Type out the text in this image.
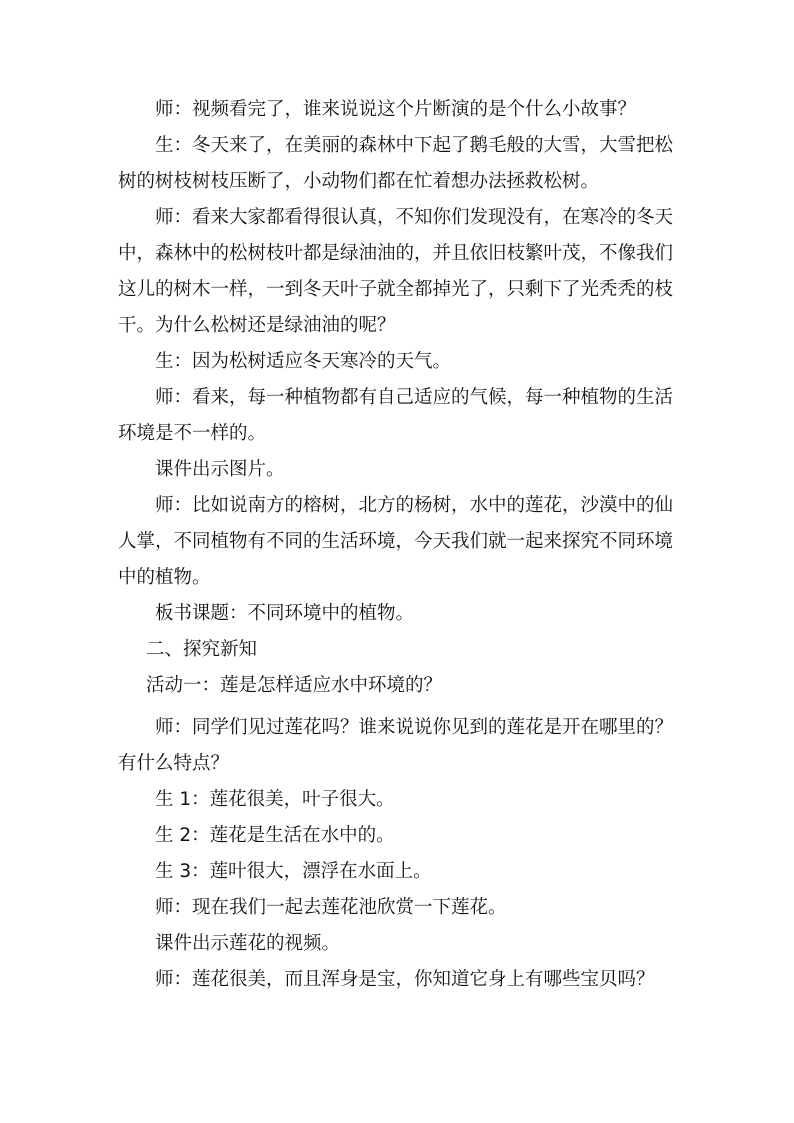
师：视频看完了，谁来说说这个片断演的是个什么小故事？

生：冬天来了，在美丽的森林中下起了鹅毛般的大雪，大雪把松树的树枝树枝压断了，小动物们都在忙着想办法拯救松树。

师：看来大家都看得很认真，不知你们发现没有，在寒冷的冬天中，森林中的松树枝叶都是绿油油的，并且依旧枝繁叶茂，不像我们这儿的树木一样，一到冬天叶子就全都掉光了，只剩下了光秃秃的枝干。为什么松树还是绿油油的呢？

生：因为松树适应冬天寒冷的天气。

师：看来，每一种植物都有自己适应的气候，每一种植物的生活环境是不一样的。

课件出示图片。

师：比如说南方的榕树，北方的杨树，水中的莲花，沙漠中的仙人掌，不同植物有不同的生活环境，今天我们就一起来探究不同环境中的植物。

板书课题：不同环境中的植物。

二、探究新知

活动一：莲是怎样适应水中环境的？

师：同学们见过莲花吗？谁来说说你见到的莲花是开在哪里的？有什么特点？

生 1：莲花很美，叶子很大。

生 2：莲花是生活在水中的。

生 3：莲叶很大，漂浮在水面上。

师：现在我们一起去莲花池欣赏一下莲花。

课件出示莲花的视频。

师：莲花很美，而且浑身是宝，你知道它身上有哪些宝贝吗？
